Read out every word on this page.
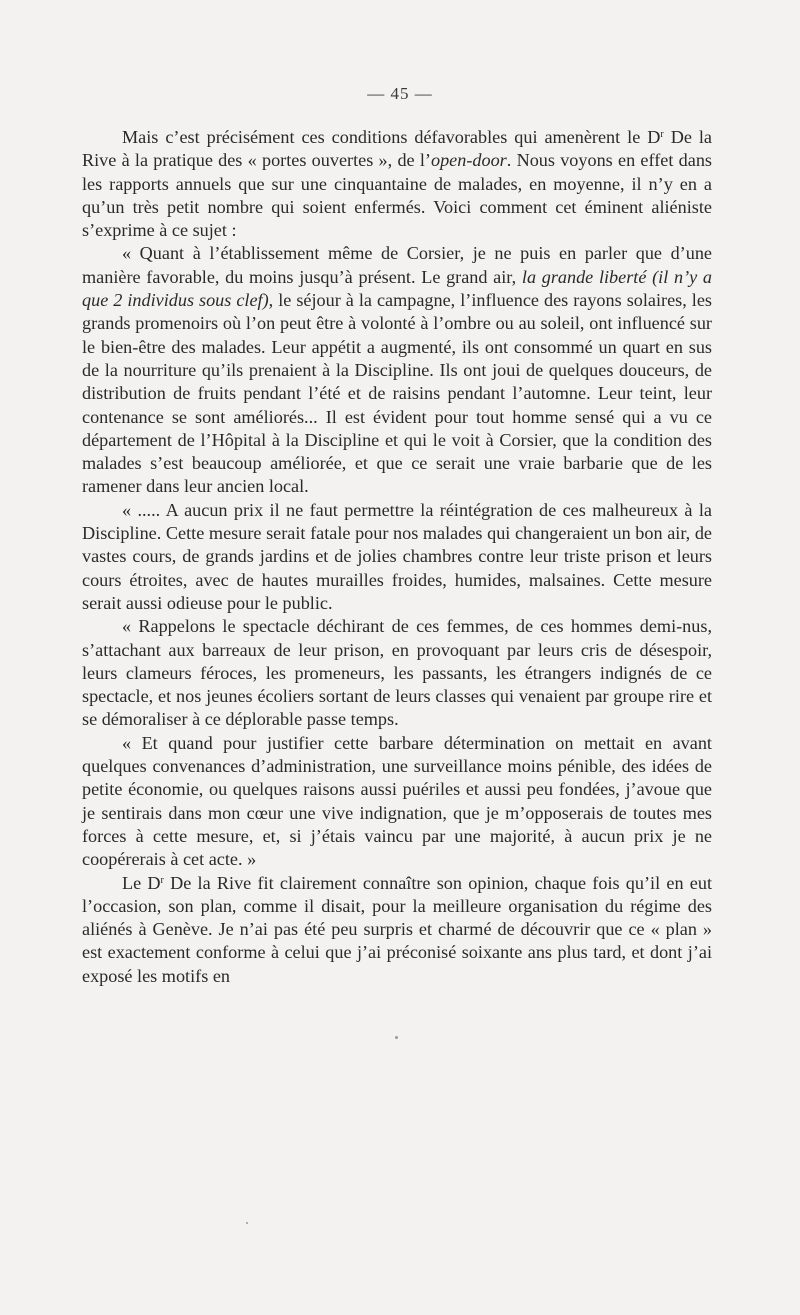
— 45 —

Mais c’est précisément ces conditions défavorables qui amenèrent le $D^r$ De la Rive à la pratique des « portes ouvertes », de l’open-door. Nous voyons en effet dans les rapports annuels que sur une cinquantaine de malades, en moyenne, il n’y en a qu’un très petit nombre qui soient enfermés. Voici comment cet éminent aliéniste s’exprime à ce sujet :

« Quant à l’établissement même de Corsier, je ne puis en parler que d’une manière favorable, du moins jusqu’à présent. Le grand air, la grande liberté (il n’y a que 2 individus sous clef), le séjour à la campagne, l’influence des rayons solaires, les grands promenoirs où l’on peut être à volonté à l’ombre ou au soleil, ont influencé sur le bien-être des malades. Leur appétit a augmenté, ils ont consommé un quart en sus de la nourriture qu’ils prenaient à la Discipline. Ils ont joui de quelques douceurs, de distribution de fruits pendant l’été et de raisins pendant l’automne. Leur teint, leur contenance se sont améliorés... Il est évident pour tout homme sensé qui a vu ce département de l’Hôpital à la Discipline et qui le voit à Corsier, que la condition des malades s’est beaucoup améliorée, et que ce serait une vraie barbarie que de les ramener dans leur ancien local.

« ..... A aucun prix il ne faut permettre la réintégration de ces malheureux à la Discipline. Cette mesure serait fatale pour nos malades qui changeraient un bon air, de vastes cours, de grands jardins et de jolies chambres contre leur triste prison et leurs cours étroites, avec de hautes murailles froides, humides, malsaines. Cette mesure serait aussi odieuse pour le public.

« Rappelons le spectacle déchirant de ces femmes, de ces hommes demi-nus, s’attachant aux barreaux de leur prison, en provoquant par leurs cris de désespoir, leurs clameurs féroces, les promeneurs, les passants, les étrangers indignés de ce spectacle, et nos jeunes écoliers sortant de leurs classes qui venaient par groupe rire et se démoraliser à ce déplorable passe temps.

« Et quand pour justifier cette barbare détermination on mettait en avant quelques convenances d’administration, une surveillance moins pénible, des idées de petite économie, ou quelques raisons aussi puériles et aussi peu fondées, j’avoue que je sentirais dans mon cœur une vive indignation, que je m’opposerais de toutes mes forces à cette mesure, et, si j’étais vaincu par une majorité, à aucun prix je ne coopérerais à cet acte. »

Le $D^r$ De la Rive fit clairement connaître son opinion, chaque fois qu’il en eut l’occasion, son plan, comme il disait, pour la meilleure organisation du régime des aliénés à Genève. Je n’ai pas été peu surpris et charmé de découvrir que ce « plan » est exactement conforme à celui que j’ai préconisé soixante ans plus tard, et dont j’ai exposé les motifs en
